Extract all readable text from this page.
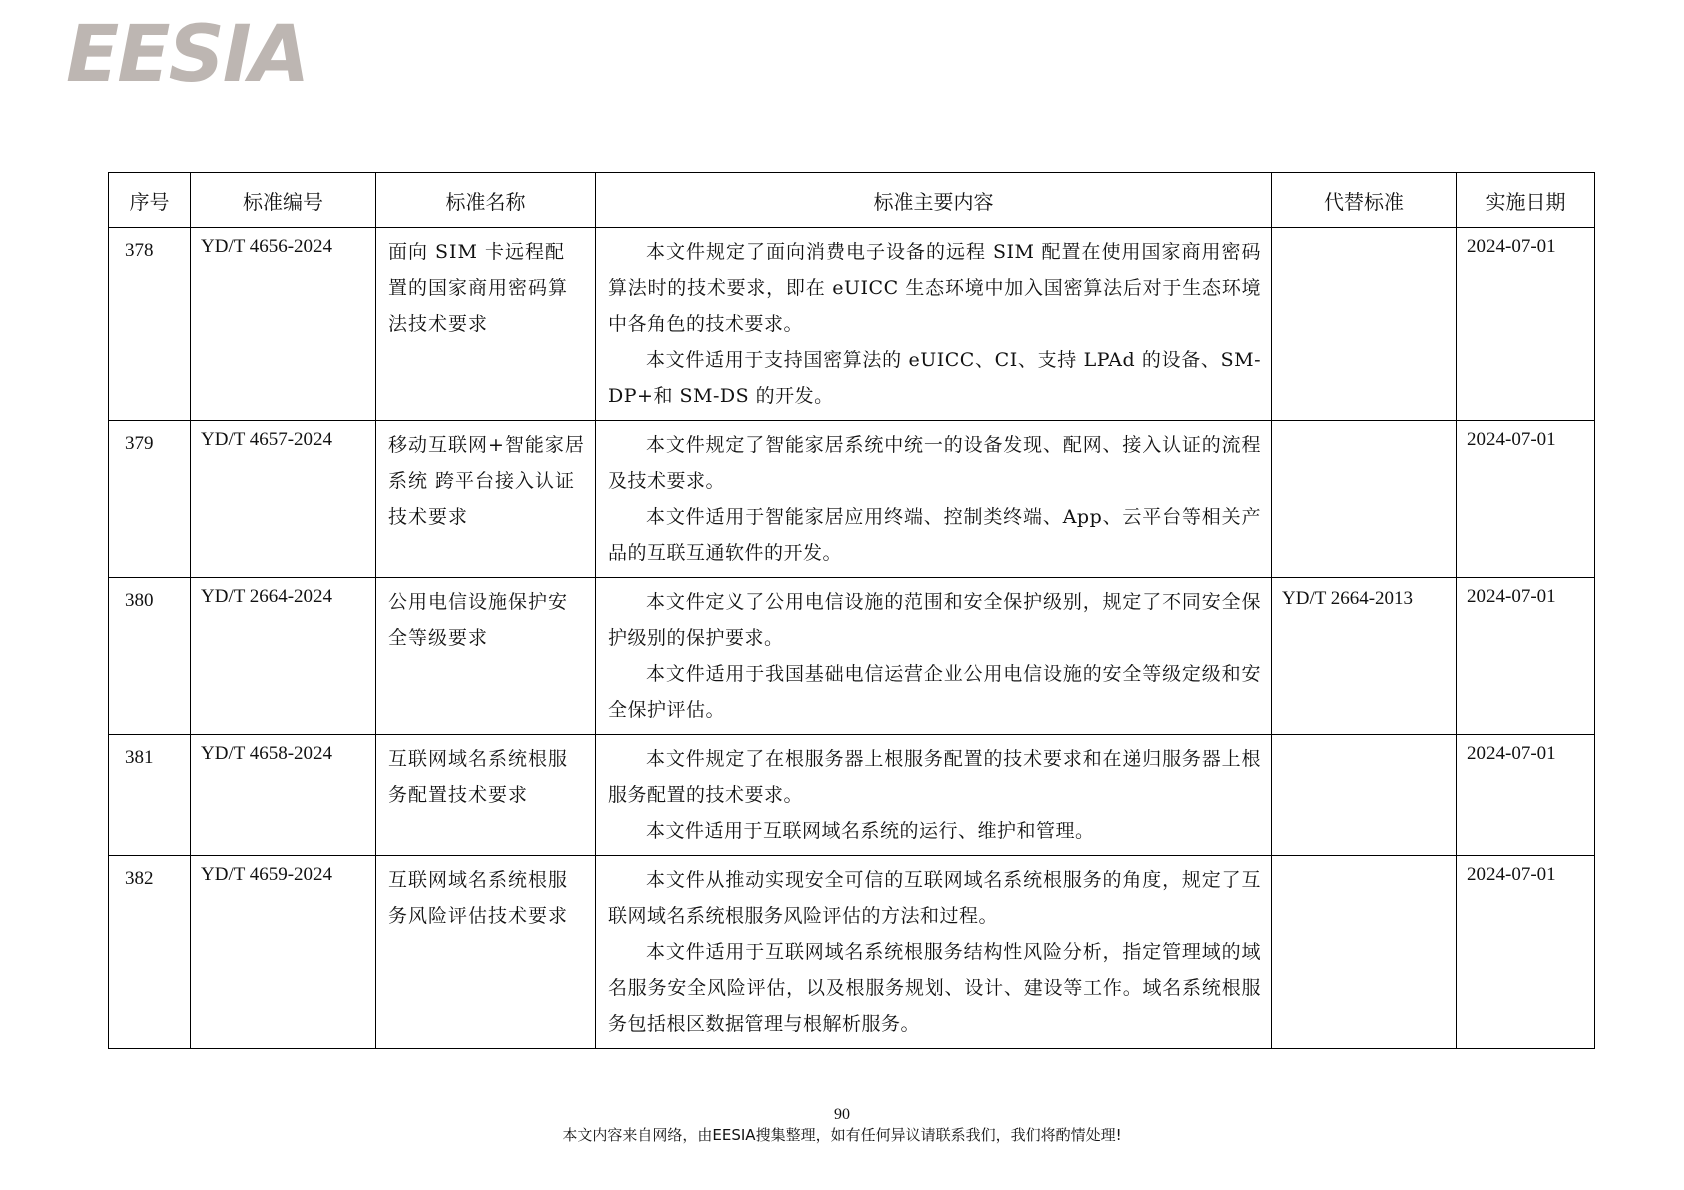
EESIA
序号	标准编号	标准名称	标准主要内容	代替标准	实施日期
378	YD/T 4656-2024	面向 SIM 卡远程配置的国家商用密码算法技术要求	本文件规定了面向消费电子设备的远程 SIM 配置在使用国家商用密码算法时的技术要求，即在 eUICC 生态环境中加入国密算法后对于生态环境中各角色的技术要求。

本文件适用于支持国密算法的 eUICC、CI、支持 LPAd 的设备、SM-DP+和 SM-DS 的开发。		2024-07-01
379	YD/T 4657-2024	移动互联网+智能家居系统 跨平台接入认证技术要求	本文件规定了智能家居系统中统一的设备发现、配网、接入认证的流程及技术要求。

本文件适用于智能家居应用终端、控制类终端、App、云平台等相关产品的互联互通软件的开发。		2024-07-01
380	YD/T 2664-2024	公用电信设施保护安全等级要求	本文件定义了公用电信设施的范围和安全保护级别，规定了不同安全保护级别的保护要求。

本文件适用于我国基础电信运营企业公用电信设施的安全等级定级和安全保护评估。	YD/T 2664-2013	2024-07-01
381	YD/T 4658-2024	互联网域名系统根服务配置技术要求	本文件规定了在根服务器上根服务配置的技术要求和在递归服务器上根服务配置的技术要求。

本文件适用于互联网域名系统的运行、维护和管理。		2024-07-01
382	YD/T 4659-2024	互联网域名系统根服务风险评估技术要求	本文件从推动实现安全可信的互联网域名系统根服务的角度，规定了互联网域名系统根服务风险评估的方法和过程。

本文件适用于互联网域名系统根服务结构性风险分析，指定管理域的域名服务安全风险评估，以及根服务规划、设计、建设等工作。域名系统根服务包括根区数据管理与根解析服务。		2024-07-01
90
本文内容来自网络，由EESIA搜集整理，如有任何异议请联系我们，我们将酌情处理!
